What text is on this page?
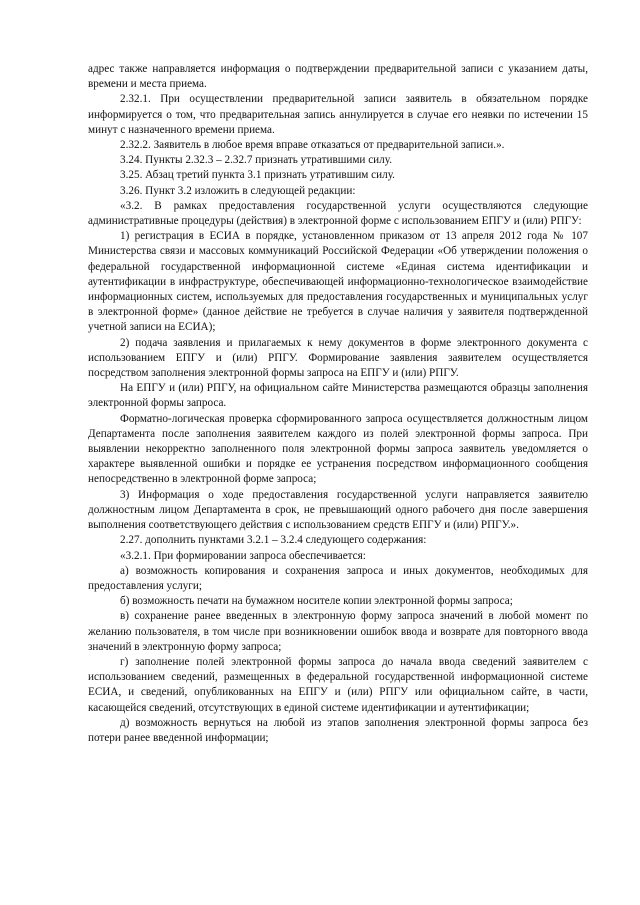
адрес также направляется информация о подтверждении предварительной записи с указанием даты, времени и места приема.

2.32.1. При осуществлении предварительной записи заявитель в обязательном порядке информируется о том, что предварительная запись аннулируется в случае его неявки по истечении 15 минут с назначенного времени приема.

2.32.2. Заявитель в любое время вправе отказаться от предварительной записи.».

3.24. Пункты 2.32.3 – 2.32.7 признать утратившими силу.

3.25. Абзац третий пункта 3.1 признать утратившим силу.

3.26. Пункт 3.2 изложить в следующей редакции:

«3.2. В рамках предоставления государственной услуги осуществляются следующие административные процедуры (действия) в электронной форме с использованием ЕПГУ и (или) РПГУ:

1) регистрация в ЕСИА в порядке, установленном приказом от 13 апреля 2012 года № 107 Министерства связи и массовых коммуникаций Российской Федерации «Об утверждении положения о федеральной государственной информационной системе «Единая система идентификации и аутентификации в инфраструктуре, обеспечивающей информационно-технологическое взаимодействие информационных систем, используемых для предоставления государственных и муниципальных услуг в электронной форме» (данное действие не требуется в случае наличия у заявителя подтвержденной учетной записи на ЕСИА);

2) подача заявления и прилагаемых к нему документов в форме электронного документа с использованием ЕПГУ и (или) РПГУ. Формирование заявления заявителем осуществляется посредством заполнения электронной формы запроса на ЕПГУ и (или) РПГУ.

На ЕПГУ и (или) РПГУ, на официальном сайте Министерства размещаются образцы заполнения электронной формы запроса.

Форматно-логическая проверка сформированного запроса осуществляется должностным лицом Департамента после заполнения заявителем каждого из полей электронной формы запроса. При выявлении некорректно заполненного поля электронной формы запроса заявитель уведомляется о характере выявленной ошибки и порядке ее устранения посредством информационного сообщения непосредственно в электронной форме запроса;

3) Информация о ходе предоставления государственной услуги направляется заявителю должностным лицом Департамента в срок, не превышающий одного рабочего дня после завершения выполнения соответствующего действия с использованием средств ЕПГУ и (или) РПГУ.».

2.27. дополнить пунктами 3.2.1 – 3.2.4 следующего содержания:

«3.2.1. При формировании запроса обеспечивается:

а) возможность копирования и сохранения запроса и иных документов, необходимых для предоставления услуги;

б) возможность печати на бумажном носителе копии электронной формы запроса;

в) сохранение ранее введенных в электронную форму запроса значений в любой момент по желанию пользователя, в том числе при возникновении ошибок ввода и возврате для повторного ввода значений в электронную форму запроса;

г) заполнение полей электронной формы запроса до начала ввода сведений заявителем с использованием сведений, размещенных в федеральной государственной информационной системе ЕСИА, и сведений, опубликованных на ЕПГУ и (или) РПГУ или официальном сайте, в части, касающейся сведений, отсутствующих в единой системе идентификации и аутентификации;

д) возможность вернуться на любой из этапов заполнения электронной формы запроса без потери ранее введенной информации;
